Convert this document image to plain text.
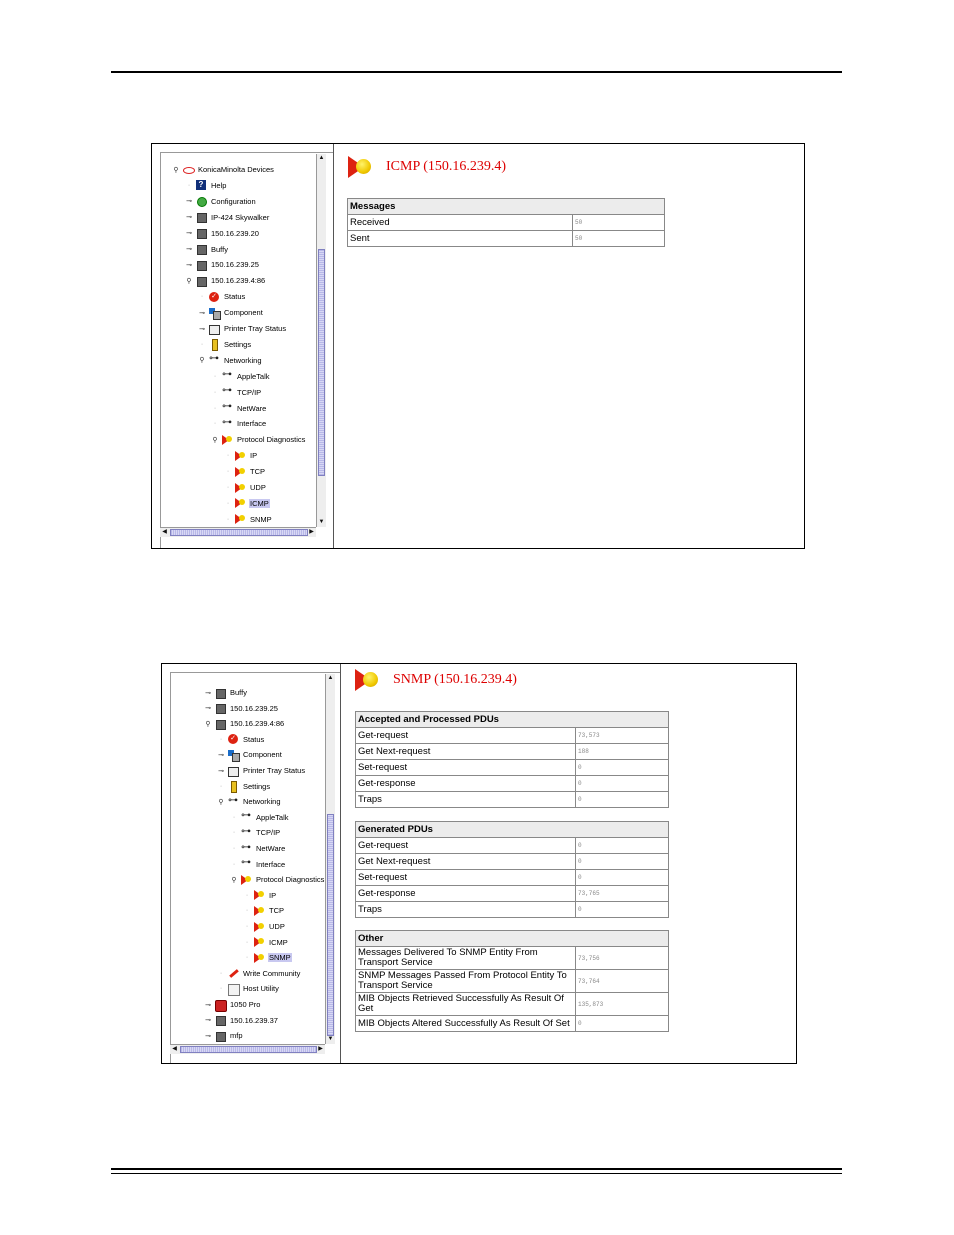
⚲	KonicaMinolta Devices
· ?	Help
⊸	Configuration
⊸	IP-424 Skywalker
⊸	150.16.239.20
⊸	Buffy
⊸	150.16.239.25
⚲	150.16.239.4:86
· ✓	Status
⊸	Component
⊸	Printer Tray Status
·	Settings
⚲ ⊶	Networking
· ⊶	AppleTalk
· ⊶	TCP/IP
· ⊶	NetWare
· ⊶	Interface
⚲	Protocol Diagnostics
·	IP
·	TCP
·	UDP
·	ICMP
·	SNMP
▲
▼
◀	▶
ICMP (150.16.239.4)
Messages	
Received	50
Sent	50
⊸	Buffy
⊸	150.16.239.25
⚲	150.16.239.4:86
· ✓	Status
⊸	Component
⊸	Printer Tray Status
·	Settings
⚲ ⊶	Networking
· ⊶	AppleTalk
· ⊶	TCP/IP
· ⊶	NetWare
· ⊶	Interface
⚲	Protocol Diagnostics
·	IP
·	TCP
·	UDP
·	ICMP
·	SNMP
·	Write Community
·	Host Utility
⊸	1050 Pro
⊸	150.16.239.37
⊸	mfp
▲
▼
◀	▶
SNMP (150.16.239.4)
Accepted and Processed PDUs	
Get-request	73,573
Get Next-request	188
Set-request	0
Get-response	0
Traps	0
Generated PDUs	
Get-request	0
Get Next-request	0
Set-request	0
Get-response	73,765
Traps	0
Other	
Messages Delivered To SNMP Entity From Transport Service	73,756
SNMP Messages Passed From Protocol Entity To Transport Service	73,764
MIB Objects Retrieved Successfully As Result Of Get	135,873
MIB Objects Altered Successfully As Result Of Set	0
